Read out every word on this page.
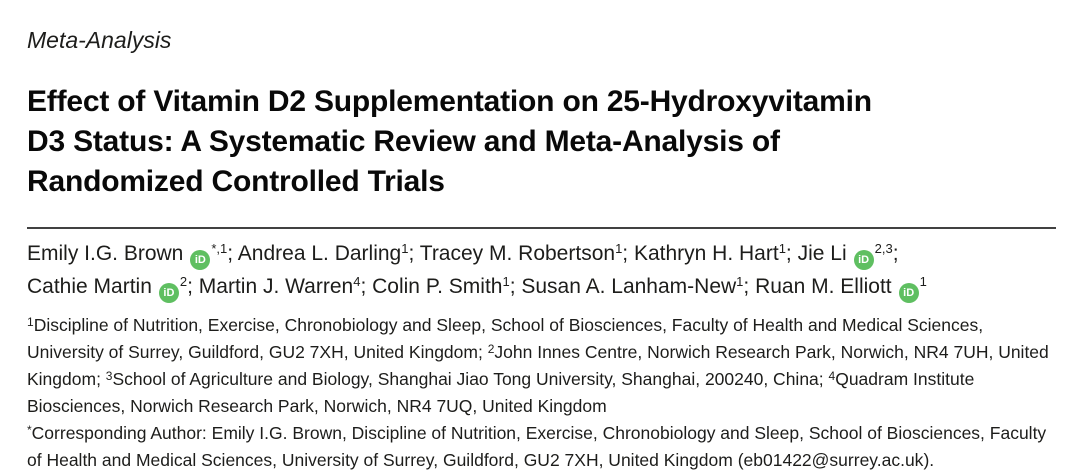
Meta-Analysis
Effect of Vitamin D2 Supplementation on 25-Hydroxyvitamin
D3 Status: A Systematic Review and Meta-Analysis of
Randomized Controlled Trials

Emily I.G. Brown $iD^{*,1}$; Andrea L. Darling$^1$; Tracey M. Robertson$^1$; Kathryn H. Hart$^1$; Jie Li iD$^{2,3}$;
Cathie Martin $iD^2$; Martin J. Warren$^4$; Colin P. Smith$^1$; Susan A. Lanham-New$^1$; Ruan M. Elliott $iD^1$

$^1$Discipline of Nutrition, Exercise, Chronobiology and Sleep, School of Biosciences, Faculty of Health and Medical Sciences, University of Surrey, Guildford, GU2 7XH, United Kingdom; $^2$John Innes Centre, Norwich Research Park, Norwich, NR4 7UH, United Kingdom; $^3$School of Agriculture and Biology, Shanghai Jiao Tong University, Shanghai, 200240, China; $^4$Quadram Institute Biosciences, Norwich Research Park, Norwich, NR4 7UQ, United Kingdom

*Corresponding Author: Emily I.G. Brown, Discipline of Nutrition, Exercise, Chronobiology and Sleep, School of Biosciences, Faculty of Health and Medical Sciences, University of Surrey, Guildford, GU2 7XH, United Kingdom (eb01422@surrey.ac.uk).
